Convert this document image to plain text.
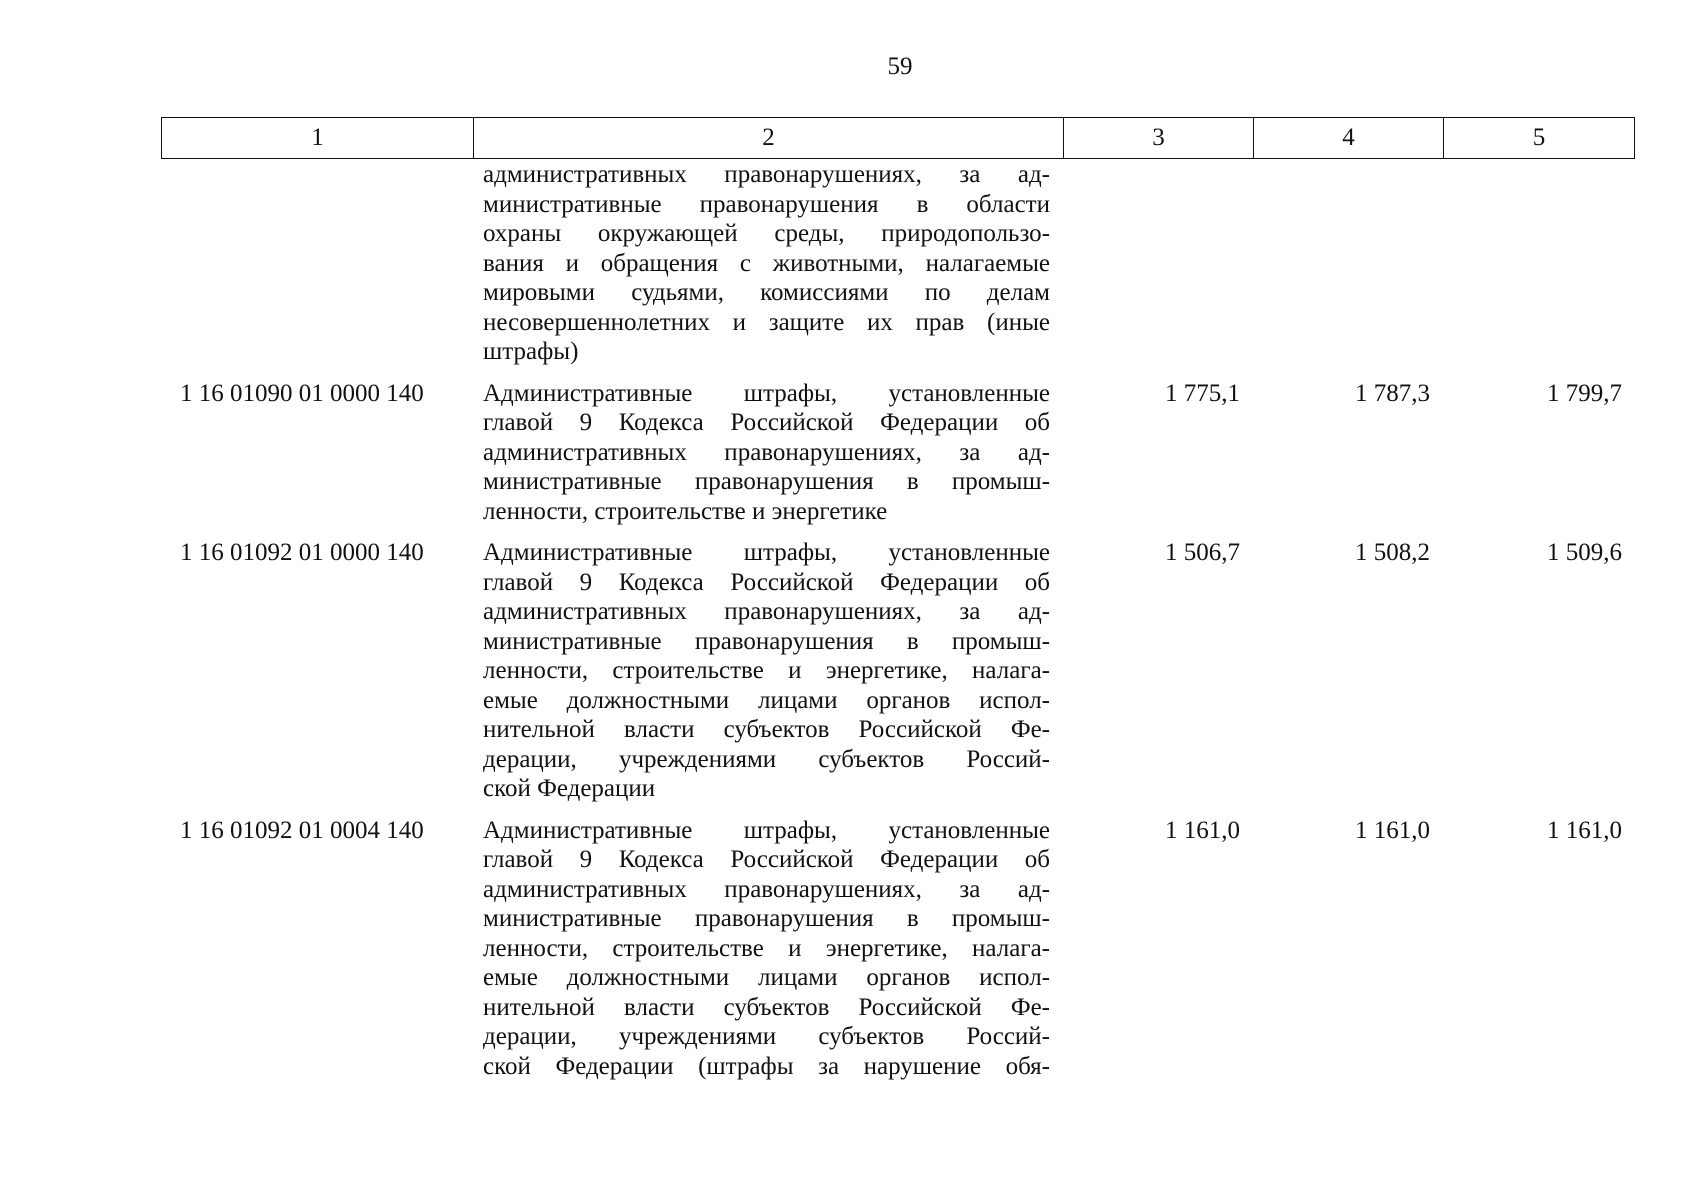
59
1	2	3	4	5
административных правонарушениях, за ад-
министративные правонарушения в области
охраны окружающей среды, природопользо-
вания и обращения с животными, налагаемые
мировыми судьями, комиссиями по делам
несовершеннолетних и защите их прав (иные
штрафы)
1 16 01090 01 0000 140	Административные штрафы, установленные
главой 9 Кодекса Российской Федерации об
административных правонарушениях, за ад-
министративные правонарушения в промыш-
ленности, строительстве и энергетике
1 775,1	1 787,3	1 799,7
1 16 01092 01 0000 140	Административные штрафы, установленные
главой 9 Кодекса Российской Федерации об
административных правонарушениях, за ад-
министративные правонарушения в промыш-
ленности, строительстве и энергетике, налага-
емые должностными лицами органов испол-
нительной власти субъектов Российской Фе-
дерации, учреждениями субъектов Россий-
ской Федерации
1 506,7	1 508,2	1 509,6
1 16 01092 01 0004 140	Административные штрафы, установленные
главой 9 Кодекса Российской Федерации об
административных правонарушениях, за ад-
министративные правонарушения в промыш-
ленности, строительстве и энергетике, налага-
емые должностными лицами органов испол-
нительной власти субъектов Российской Фе-
дерации, учреждениями субъектов Россий-
ской Федерации (штрафы за нарушение обя-
1 161,0	1 161,0	1 161,0
